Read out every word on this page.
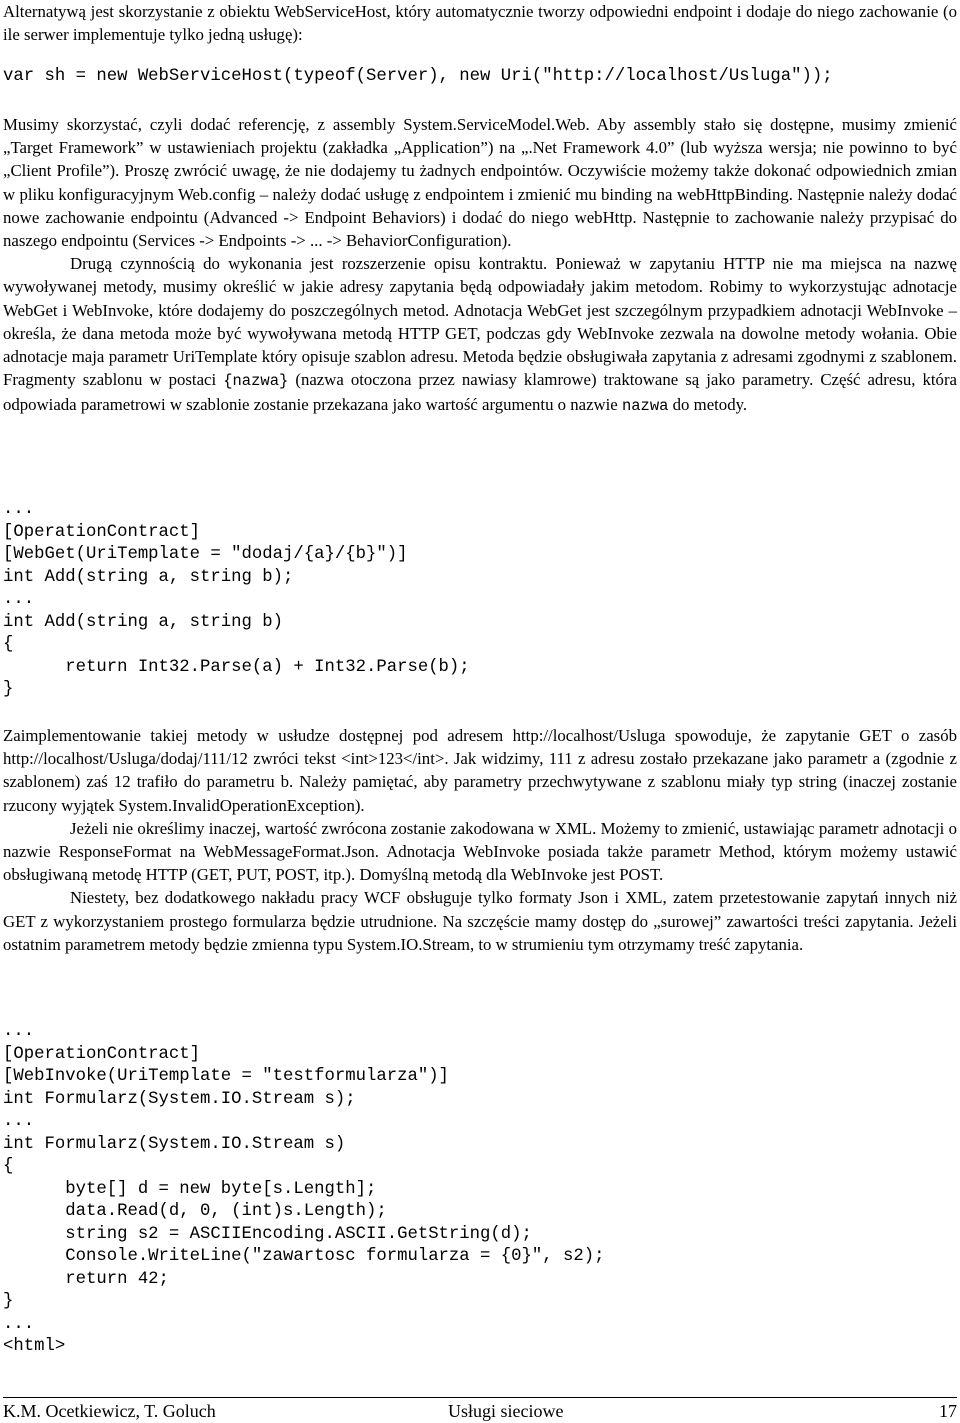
Alternatywą jest skorzystanie z obiektu WebServiceHost, który automatycznie tworzy odpowiedni endpoint i dodaje do niego zachowanie (o ile serwer implementuje tylko jedną usługę):

var sh = new WebServiceHost(typeof(Server), new Uri("http://localhost/Usluga"));

Musimy skorzystać, czyli dodać referencję, z assembly System.ServiceModel.Web. Aby assembly stało się dostępne, musimy zmienić „Target Framework” w ustawieniach projektu (zakładka „Application”) na „.Net Framework 4.0” (lub wyższa wersja; nie powinno to być „Client Profile”). Proszę zwrócić uwagę, że nie dodajemy tu żadnych endpointów. Oczywiście możemy także dokonać odpowiednich zmian w pliku konfiguracyjnym Web.config – należy dodać usługę z endpointem i zmienić mu binding na webHttpBinding. Następnie należy dodać nowe zachowanie endpointu (Advanced -> Endpoint Behaviors) i dodać do niego webHttp. Następnie to zachowanie należy przypisać do naszego endpointu (Services -> Endpoints -> ... -> BehaviorConfiguration).
Drugą czynnością do wykonania jest rozszerzenie opisu kontraktu. Ponieważ w zapytaniu HTTP nie ma miejsca na nazwę wywoływanej metody, musimy określić w jakie adresy zapytania będą odpowiadały jakim metodom. Robimy to wykorzystując adnotacje WebGet i WebInvoke, które dodajemy do poszczególnych metod. Adnotacja WebGet jest szczególnym przypadkiem adnotacji WebInvoke – określa, że dana metoda może być wywoływana metodą HTTP GET, podczas gdy WebInvoke zezwala na dowolne metody wołania. Obie adnotacje maja parametr UriTemplate który opisuje szablon adresu. Metoda będzie obsługiwała zapytania z adresami zgodnymi z szablonem. Fragmenty szablonu w postaci {nazwa} (nazwa otoczona przez nawiasy klamrowe) traktowane są jako parametry. Część adresu, która odpowiada parametrowi w szablonie zostanie przekazana jako wartość argumentu o nazwie nazwa do metody.

...
[OperationContract]
[WebGet(UriTemplate = "dodaj/{a}/{b}")]
int Add(string a, string b);
...
int Add(string a, string b)
{
return Int32.Parse(a) + Int32.Parse(b);
}

Zaimplementowanie takiej metody w usłudze dostępnej pod adresem http://localhost/Usluga spowoduje, że zapytanie GET o zasób http://localhost/Usluga/dodaj/111/12 zwróci tekst <int>123</int>. Jak widzimy, 111 z adresu zostało przekazane jako parametr a (zgodnie z szablonem) zaś 12 trafiło do parametru b. Należy pamiętać, aby parametry przechwytywane z szablonu miały typ string (inaczej zostanie rzucony wyjątek System.InvalidOperationException).
Jeżeli nie określimy inaczej, wartość zwrócona zostanie zakodowana w XML. Możemy to zmienić, ustawiając parametr adnotacji o nazwie ResponseFormat na WebMessageFormat.Json. Adnotacja WebInvoke posiada także parametr Method, którym możemy ustawić obsługiwaną metodę HTTP (GET, PUT, POST, itp.). Domyślną metodą dla WebInvoke jest POST.
Niestety, bez dodatkowego nakładu pracy WCF obsługuje tylko formaty Json i XML, zatem przetestowanie zapytań innych niż GET z wykorzystaniem prostego formularza będzie utrudnione. Na szczęście mamy dostęp do „surowej” zawartości treści zapytania. Jeżeli ostatnim parametrem metody będzie zmienna typu System.IO.Stream, to w strumieniu tym otrzymamy treść zapytania.

...
[OperationContract]
[WebInvoke(UriTemplate = "testformularza")]
int Formularz(System.IO.Stream s);
...
int Formularz(System.IO.Stream s)
{
byte[] d = new byte[s.Length];
data.Read(d, 0, (int)s.Length);
string s2 = ASCIIEncoding.ASCII.GetString(d);
Console.WriteLine("zawartosc formularza = {0}", s2);
return 42;
}
...
<html>
K.M. Ocetkiewicz, T. Goluch	Usługi sieciowe	17
